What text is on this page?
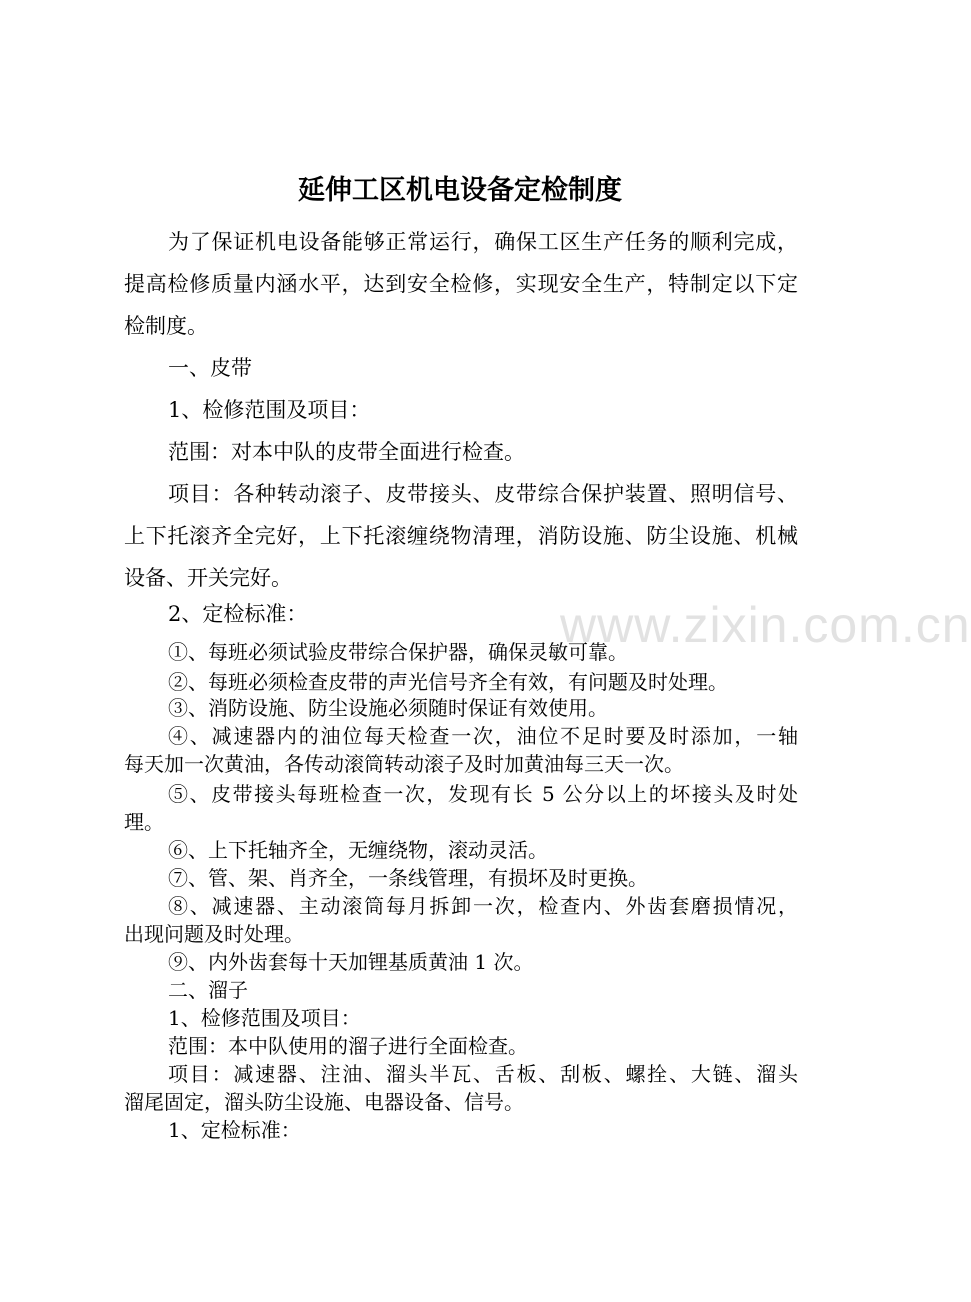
www.zixin.com.cn
延伸工区机电设备定检制度
为了保证机电设备能够正常运行，确保工区生产任务的顺利完成，
提高检修质量内涵水平，达到安全检修，实现安全生产，特制定以下定
检制度。
一、皮带
1、检修范围及项目：
范围：对本中队的皮带全面进行检查。
项目：各种转动滚子、皮带接头、皮带综合保护装置、照明信号、
上下托滚齐全完好，上下托滚缠绕物清理，消防设施、防尘设施、机械
设备、开关完好。
2、定检标准：
①、每班必须试验皮带综合保护器，确保灵敏可靠。
②、每班必须检查皮带的声光信号齐全有效，有问题及时处理。
③、消防设施、防尘设施必须随时保证有效使用。
④、减速器内的油位每天检查一次，油位不足时要及时添加，一轴
每天加一次黄油，各传动滚筒转动滚子及时加黄油每三天一次。
⑤、皮带接头每班检查一次，发现有长 5 公分以上的坏接头及时处
理。
⑥、上下托轴齐全，无缠绕物，滚动灵活。
⑦、管、架、肖齐全，一条线管理，有损坏及时更换。
⑧、减速器、主动滚筒每月拆卸一次，检查内、外齿套磨损情况，
出现问题及时处理。
⑨、内外齿套每十天加锂基质黄油 1 次。
二、溜子
1、检修范围及项目：
范围：本中队使用的溜子进行全面检查。
项目：减速器、注油、溜头半瓦、舌板、刮板、螺拴、大链、溜头
溜尾固定，溜头防尘设施、电器设备、信号。
1、定检标准：
